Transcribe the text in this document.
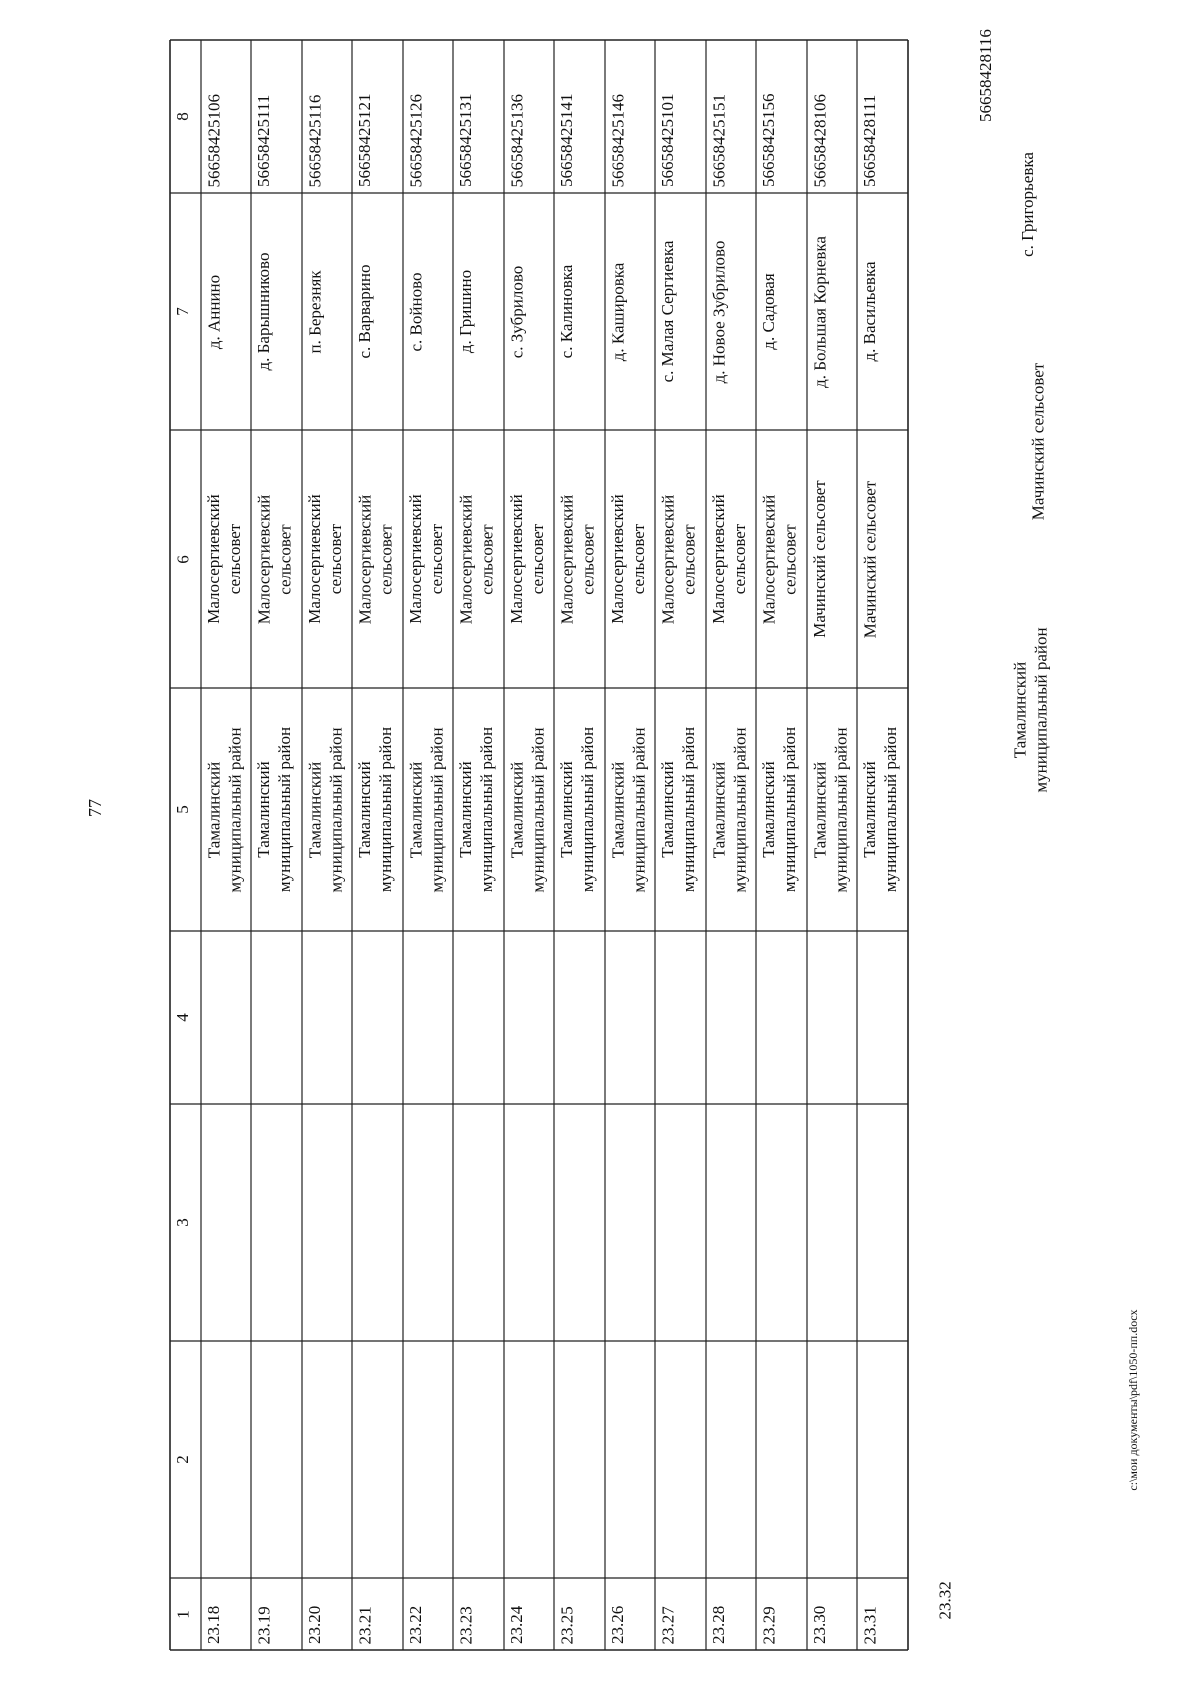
77
c:\мои документы\pdf\1050-пп.docx
1
2
3
4
5
6
7
8
23.18
Тамалинский
муниципальный район
Малосергиевский
сельсовет
д. Аннино
56658425106
23.19
Тамалинский
муниципальный район
Малосергиевский
сельсовет
д. Барышниково
56658425111
23.20
Тамалинский
муниципальный район
Малосергиевский
сельсовет
п. Березняк
56658425116
23.21
Тамалинский
муниципальный район
Малосергиевский
сельсовет
с. Варварино
56658425121
23.22
Тамалинский
муниципальный район
Малосергиевский
сельсовет
с. Войново
56658425126
23.23
Тамалинский
муниципальный район
Малосергиевский
сельсовет
д. Гришино
56658425131
23.24
Тамалинский
муниципальный район
Малосергиевский
сельсовет
с. Зубрилово
56658425136
23.25
Тамалинский
муниципальный район
Малосергиевский
сельсовет
с. Калиновка
56658425141
23.26
Тамалинский
муниципальный район
Малосергиевский
сельсовет
д. Кашировка
56658425146
23.27
Тамалинский
муниципальный район
Малосергиевский
сельсовет
с. Малая Сергиевка
56658425101
23.28
Тамалинский
муниципальный район
Малосергиевский
сельсовет
д. Новое Зубрилово
56658425151
23.29
Тамалинский
муниципальный район
Малосергиевский
сельсовет
д. Садовая
56658425156
23.30
Тамалинский
муниципальный район
Мачинский сельсовет
д. Большая Корневка
56658428106
23.31
Тамалинский
муниципальный район
Мачинский сельсовет
д. Васильевка
56658428111
23.32
Тамалинский
муниципальный район
Мачинский сельсовет
с. Григорьевка
56658428116
